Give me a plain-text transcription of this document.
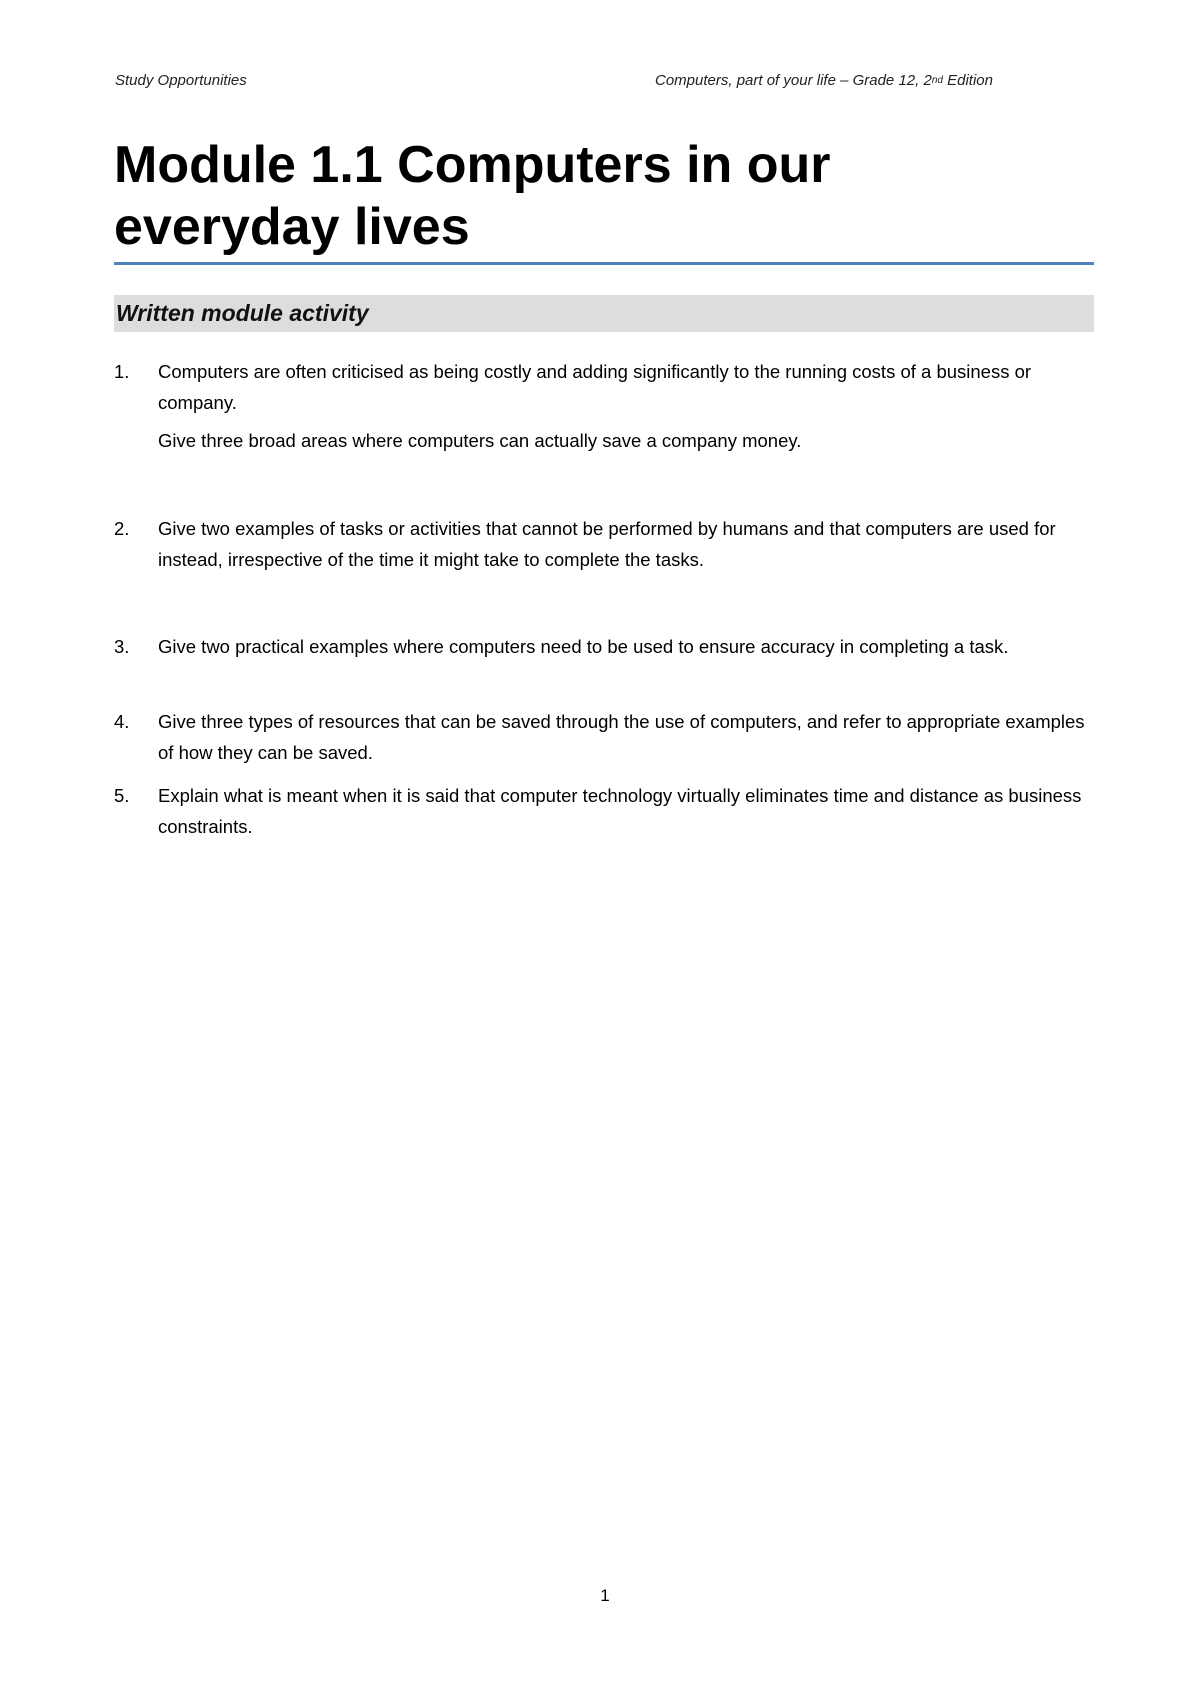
Study Opportunities	Computers, part of your life – Grade 12, 2nd Edition
Module 1.1 Computers in our everyday lives
Written module activity
1. Computers are often criticised as being costly and adding significantly to the running costs of a business or company.
Give three broad areas where computers can actually save a company money.
2. Give two examples of tasks or activities that cannot be performed by humans and that computers are used for instead, irrespective of the time it might take to complete the tasks.
3. Give two practical examples where computers need to be used to ensure accuracy in completing a task.
4. Give three types of resources that can be saved through the use of computers, and refer to appropriate examples of how they can be saved.
5. Explain what is meant when it is said that computer technology virtually eliminates time and distance as business constraints.
1
